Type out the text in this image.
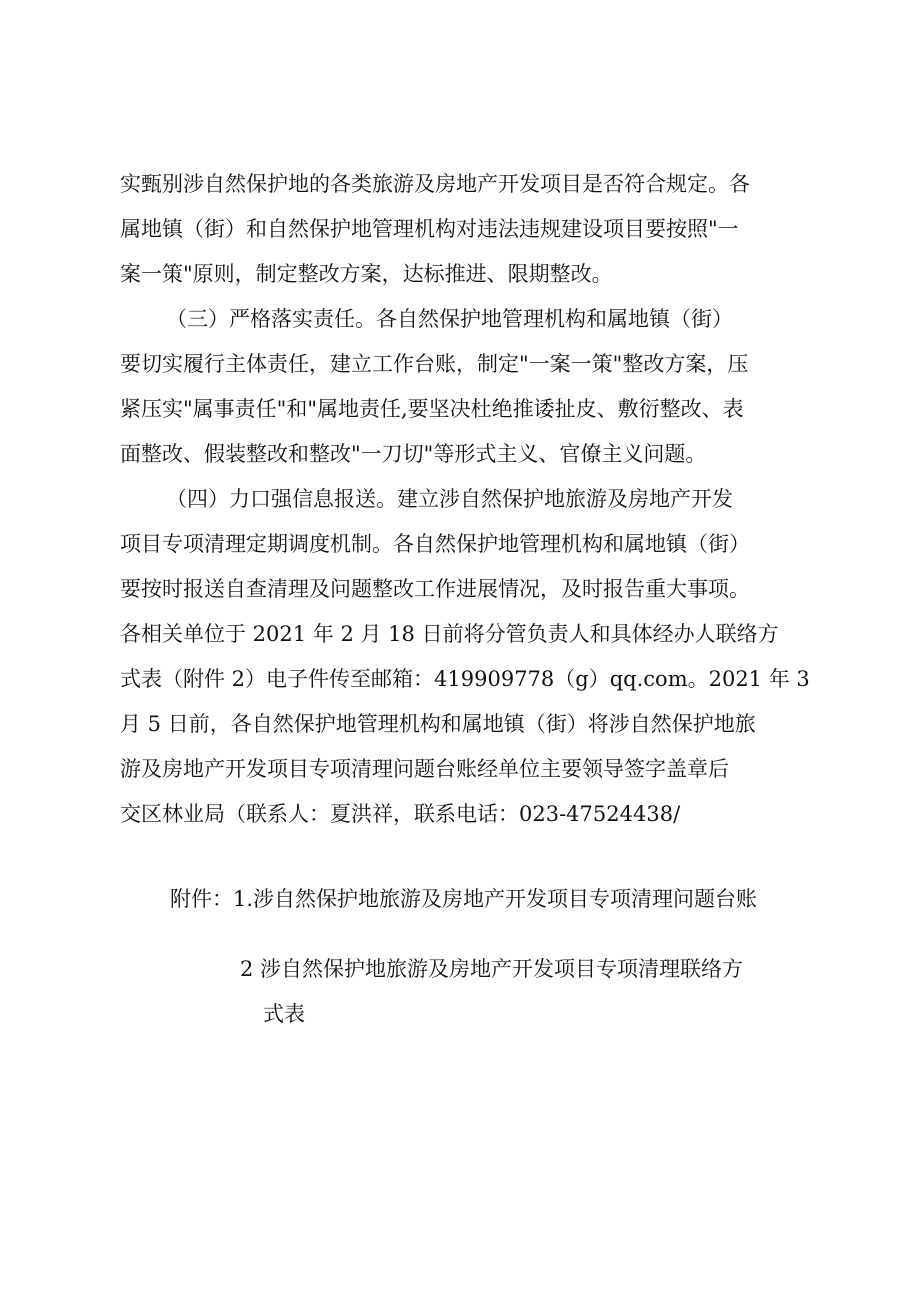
实甄别涉自然保护地的各类旅游及房地产开发项目是否符合规定。各
属地镇（街）和自然保护地管理机构对违法违规建设项目要按照"一
案一策"原则，制定整改方案，达标推进、限期整改。
（三）严格落实责任。各自然保护地管理机构和属地镇（街）
要切实履行主体责任，建立工作台账，制定"一案一策"整改方案，压
紧压实"属事责任"和"属地责任,要坚决杜绝推诿扯皮、敷衍整改、表
面整改、假装整改和整改"一刀切"等形式主义、官僚主义问题。
（四）力口强信息报送。建立涉自然保护地旅游及房地产开发
项目专项清理定期调度机制。各自然保护地管理机构和属地镇（街）
要按时报送自查清理及问题整改工作进展情况，及时报告重大事项。
各相关单位于 2021 年 2 月 18 日前将分管负责人和具体经办人联络方
式表（附件 2）电子件传至邮箱：419909778（g）qq.com。2021 年 3
月 5 日前，各自然保护地管理机构和属地镇（街）将涉自然保护地旅
游及房地产开发项目专项清理问题台账经单位主要领导签字盖章后
交区林业局（联系人：夏洪祥，联系电话：023-47524438/
附件：1.涉自然保护地旅游及房地产开发项目专项清理问题台账
2 涉自然保护地旅游及房地产开发项目专项清理联络方
式表
